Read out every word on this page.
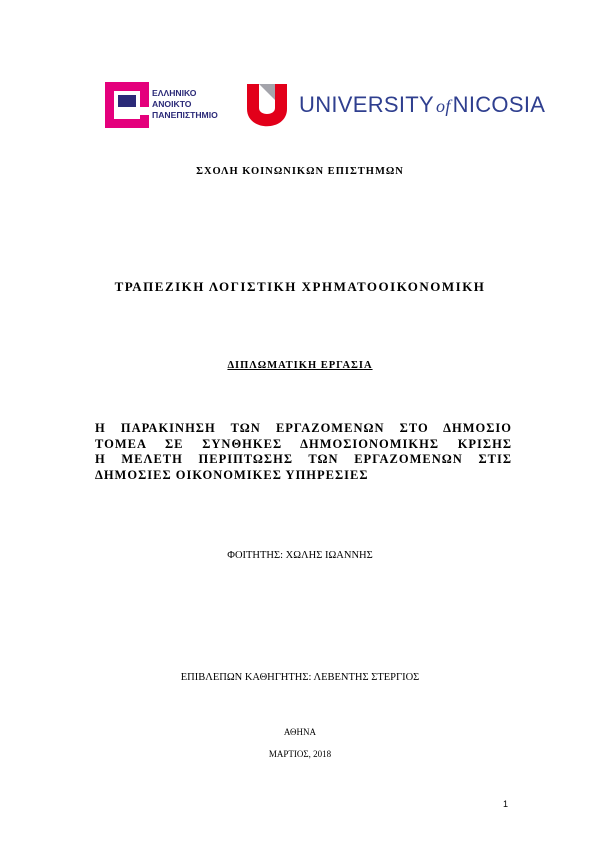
ΕΛΛΗΝΙΚΟ
ΑΝΟΙΚΤΟ
ΠΑΝΕΠΙΣΤΗΜΙΟ	UNIVERSITY ofNICOSIA
ΣΧΟΛΗ ΚΟΙΝΩΝΙΚΩΝ ΕΠΙΣΤΗΜΩΝ
ΤΡΑΠΕΖΙΚΗ ΛΟΓΙΣΤΙΚΗ ΧΡΗΜΑΤΟΟΙΚΟΝΟΜΙΚΗ
ΔΙΠΛΩΜΑΤΙΚΗ ΕΡΓΑΣΙΑ
Η ΠΑΡΑΚΙΝΗΣΗ ΤΩΝ ΕΡΓΑΖΟΜΕΝΩΝ ΣΤΟ ΔΗΜΟΣΙΟ
ΤΟΜΕΑ ΣΕ ΣΥΝΘΗΚΕΣ ΔΗΜΟΣΙΟΝΟΜΙΚΗΣ ΚΡΙΣΗΣ
Η ΜΕΛΕΤΗ ΠΕΡΙΠΤΩΣΗΣ ΤΩΝ ΕΡΓΑΖΟΜΕΝΩΝ ΣΤΙΣ
ΔΗΜΟΣΙΕΣ ΟΙΚΟΝΟΜΙΚΕΣ ΥΠΗΡΕΣΙΕΣ
ΦΟΙΤΗΤΗΣ: ΧΩΛΗΣ ΙΩΑΝΝΗΣ
ΕΠΙΒΛΕΠΩΝ ΚΑΘΗΓΗΤΗΣ: ΛΕΒΕΝΤΗΣ ΣΤΕΡΓΙΟΣ
ΑΘΗΝΑ
ΜΑΡΤΙΟΣ, 2018
1
